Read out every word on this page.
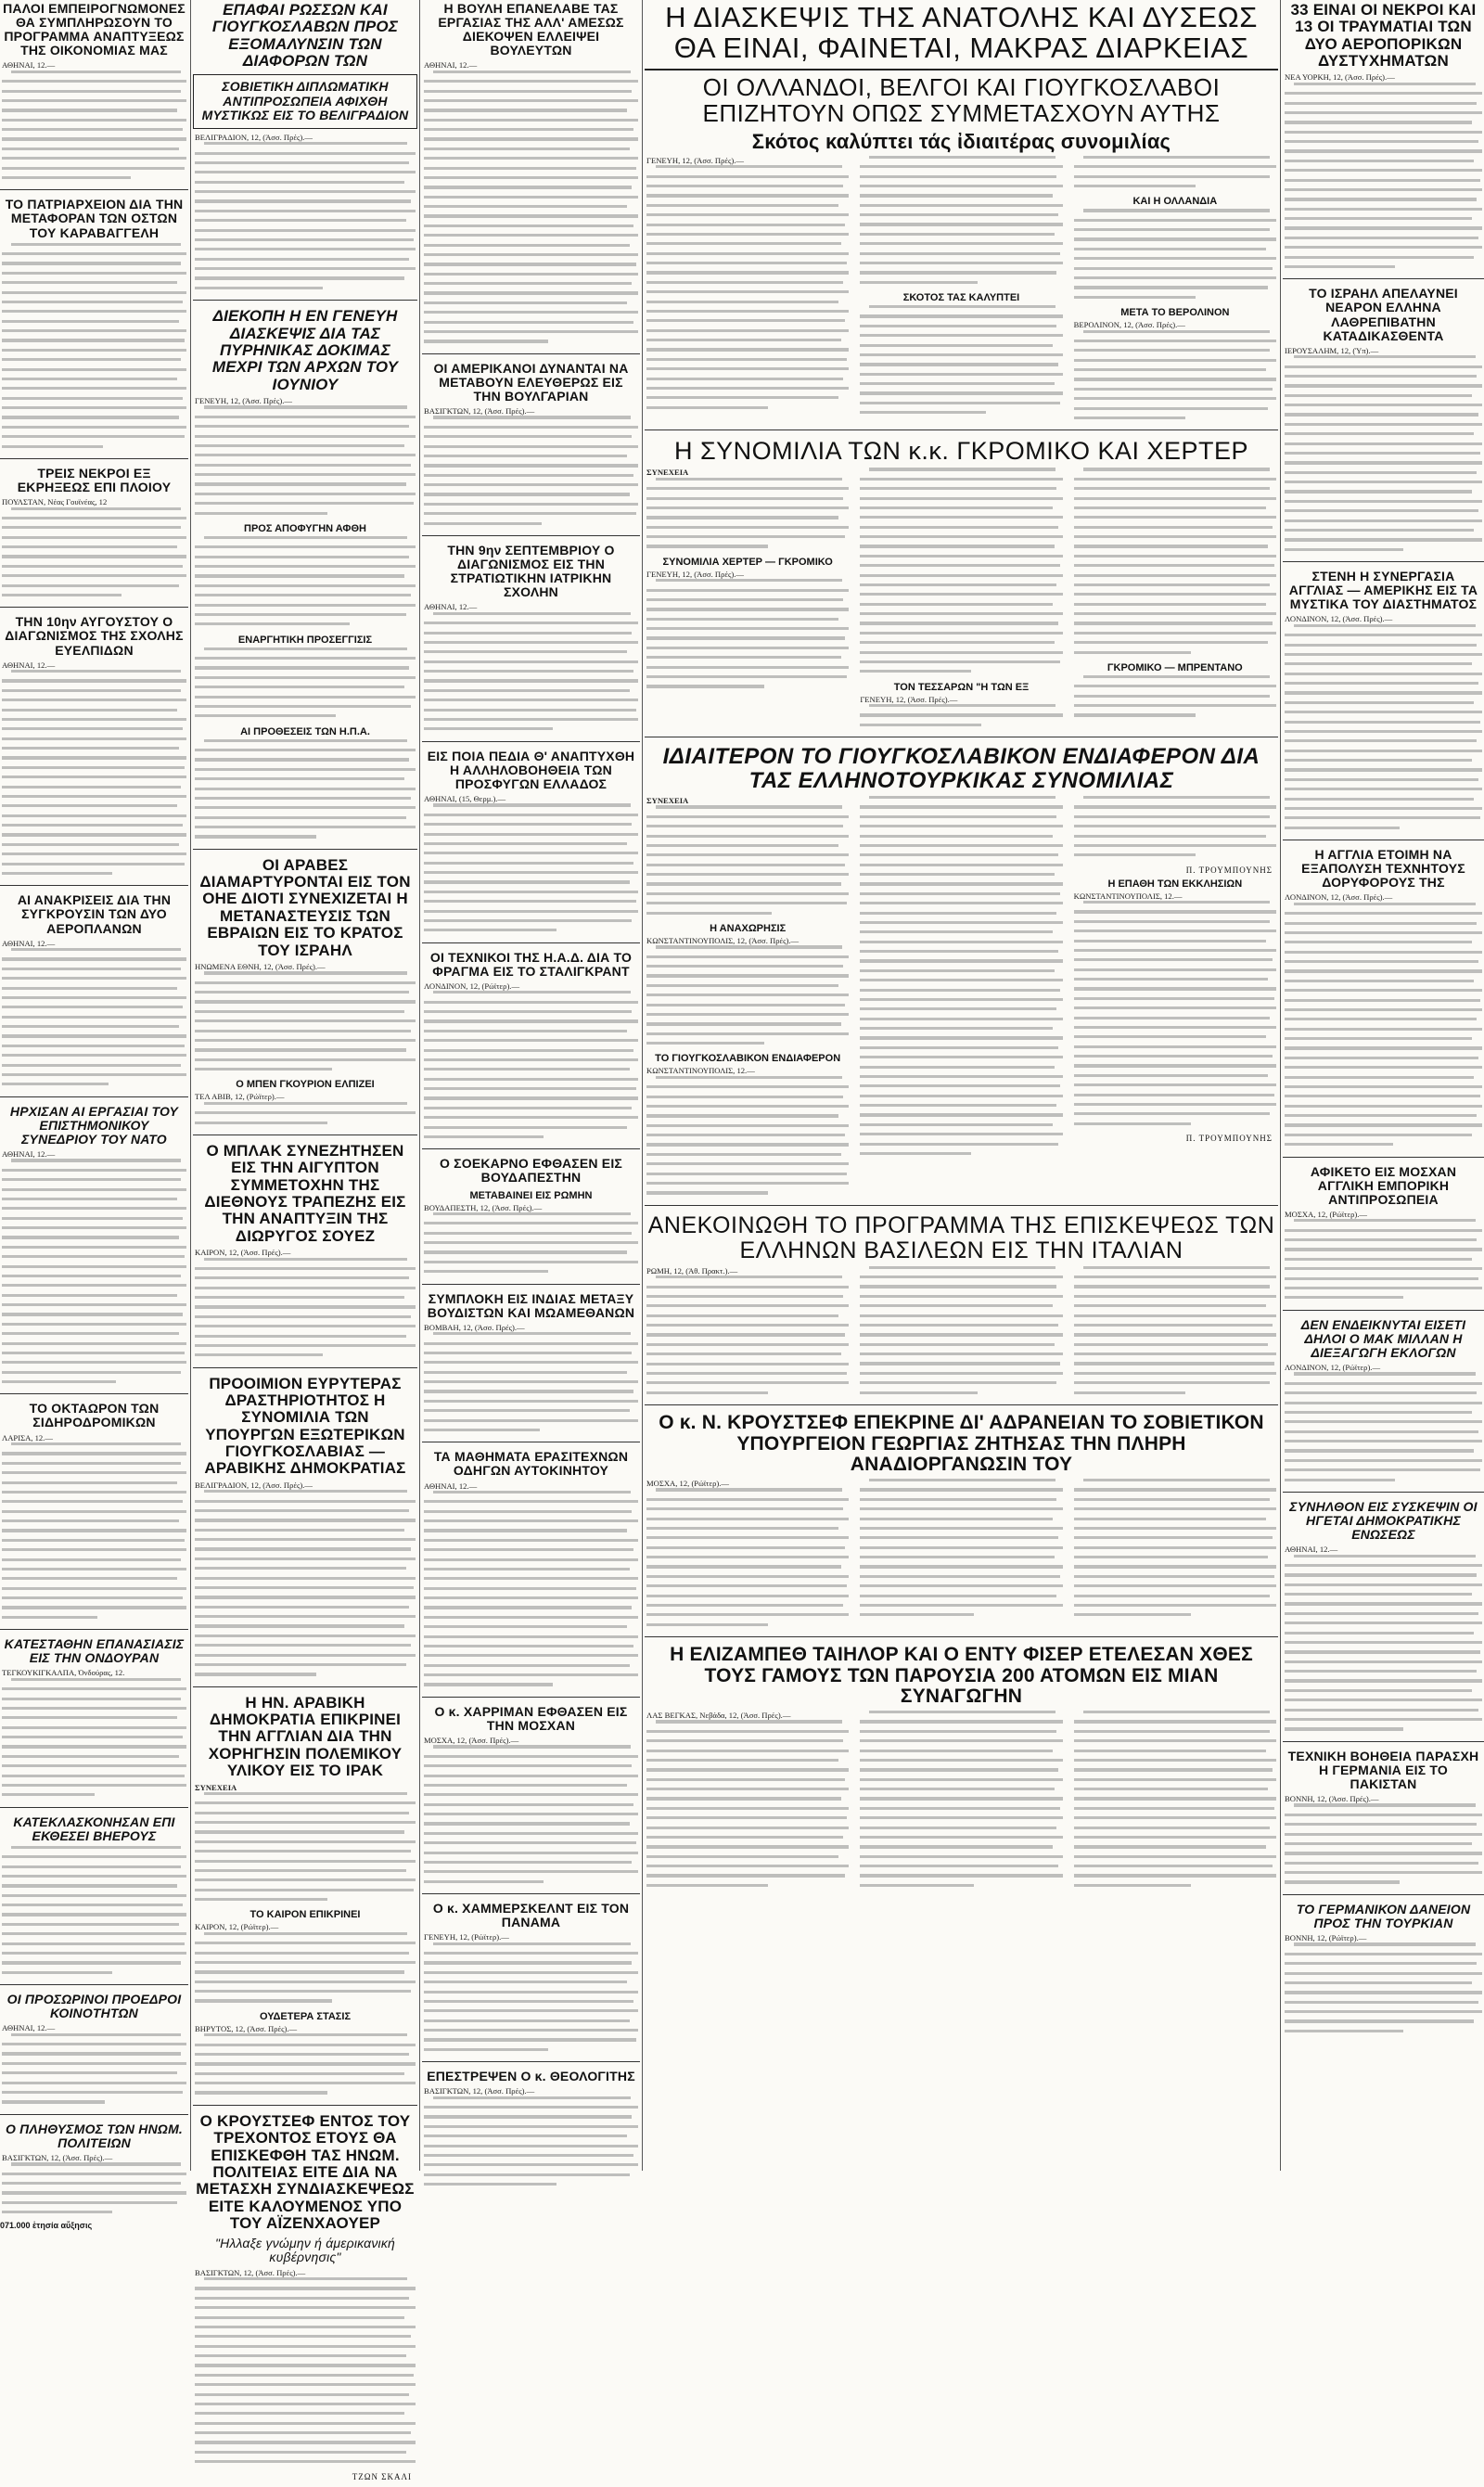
ΠΑΛΟΙ ΕΜΠΕΙΡΟΓΝΩΜΟΝΕΣ ΘΑ ΣΥΜΠΛΗΡΩΣΟΥΝ ΤΟ ΠΡΟΓΡΑΜΜΑ ΑΝΑΠΤΥΞΕΩΣ ΤΗΣ ΟΙΚΟΝΟΜΙΑΣ ΜΑΣ
ΑΘΗΝΑΙ, 12.—
ΤΟ ΠΑΤΡΙΑΡΧΕΙΟΝ ΔΙΑ ΤΗΝ ΜΕΤΑΦΟΡΑΝ ΤΩΝ ΟΣΤΩΝ ΤΟΥ ΚΑΡΑΒΑΓΓΕΛΗ
ΤΡΕΙΣ ΝΕΚΡΟΙ ΕΞ ΕΚΡΗΞΕΩΣ ΕΠΙ ΠΛΟΙΟΥ
ΠΟΥΛΣΤΑΝ, Νέας Γουϊνέας, 12
ΤΗΝ 10ην ΑΥΓΟΥΣΤΟΥ Ο ΔΙΑΓΩΝΙΣΜΟΣ ΤΗΣ ΣΧΟΛΗΣ ΕΥΕΛΠΙΔΩΝ
ΑΘΗΝΑΙ, 12.—
ΑΙ ΑΝΑΚΡΙΣΕΙΣ ΔΙΑ ΤΗΝ ΣΥΓΚΡΟΥΣΙΝ ΤΩΝ ΔΥΟ ΑΕΡΟΠΛΑΝΩΝ
ΑΘΗΝΑΙ, 12.—
ΗΡΧΙΣΑΝ ΑΙ ΕΡΓΑΣΙΑΙ ΤΟΥ ΕΠΙΣΤΗΜΟΝΙΚΟΥ ΣΥΝΕΔΡΙΟΥ ΤΟΥ ΝΑΤΟ
ΑΘΗΝΑΙ, 12.—
ΤΟ ΟΚΤΑΩΡΟΝ ΤΩΝ ΣΙΔΗΡΟΔΡΟΜΙΚΩΝ
ΛΑΡΙΣΑ, 12.—
ΚΑΤΕΣΤΑΘΗΝ ΕΠΑΝΑΣΙΑΣΙΣ ΕΙΣ ΤΗΝ ΟΝΔΟΥΡΑΝ
ΤΕΓΚΟΥΚΙΓΚΑΛΠΑ, Όνδούρας, 12.
ΚΑΤΕΚΛΑΣΚΟΝΗΣΑΝ ΕΠΙ ΕΚΘΕΣΕΙ ΒΗΕΡΟΥΣ
ΟΙ ΠΡΟΣΩΡΙΝΟΙ ΠΡΟΕΔΡΟΙ ΚΟΙΝΟΤΗΤΩΝ
ΑΘΗΝΑΙ, 12.—
Ο ΠΛΗΘΥΣΜΟΣ ΤΩΝ ΗΝΩΜ. ΠΟΛΙΤΕΙΩΝ
ΒΑΣΙΓΚΤΩΝ, 12, (Άσσ. Πρές).—
071.000 ἑτησία αὔξησις
ΕΠΑΦΑΙ ΡΩΣΣΩΝ ΚΑΙ ΓΙΟΥΓΚΟΣΛΑΒΩΝ ΠΡΟΣ ΕΞΟΜΑΛΥΝΣΙΝ ΤΩΝ ΔΙΑΦΟΡΩΝ ΤΩΝ
ΣΟΒΙΕΤΙΚΗ ΔΙΠΛΩΜΑΤΙΚΗ ΑΝΤΙΠΡΟΣΩΠΕΙΑ ΑΦΙΧΘΗ ΜΥΣΤΙΚΩΣ ΕΙΣ ΤΟ ΒΕΛΙΓΡΑΔΙΟΝ
ΒΕΛΙΓΡΑΔΙΟΝ, 12, (Άσσ. Πρές).—
ΔΙΕΚΟΠΗ Η ΕΝ ΓΕΝΕΥΗ ΔΙΑΣΚΕΨΙΣ ΔΙΑ ΤΑΣ ΠΥΡΗΝΙΚΑΣ ΔΟΚΙΜΑΣ ΜΕΧΡΙ ΤΩΝ ΑΡΧΩΝ ΤΟΥ ΙΟΥΝΙΟΥ
ΓΕΝΕΥΗ, 12, (Άσσ. Πρές).—
ΠΡΟΣ ΑΠΟΦΥΓΗΝ ΑΦΘΗ
ΕΝΑΡΓΗΤΙΚΗ ΠΡΟΣΕΓΓΙΣΙΣ
ΑΙ ΠΡΟΘΕΣΕΙΣ ΤΩΝ Η.Π.Α.
ΟΙ ΑΡΑΒΕΣ ΔΙΑΜΑΡΤΥΡΟΝΤΑΙ ΕΙΣ ΤΟΝ ΟΗΕ ΔΙΟΤΙ ΣΥΝΕΧΙΖΕΤΑΙ Η ΜΕΤΑΝΑΣΤΕΥΣΙΣ ΤΩΝ ΕΒΡΑΙΩΝ ΕΙΣ ΤΟ ΚΡΑΤΟΣ ΤΟΥ ΙΣΡΑΗΛ
ΗΝΩΜΕΝΑ ΕΘΝΗ, 12, (Άσσ. Πρές).—
Ο ΜΠΕΝ ΓΚΟΥΡΙΟΝ ΕΛΠΙΖΕΙ
ΤΕΛ ΑΒΙΒ, 12, (Ρώϊτερ).—
Ο ΜΠΛΑΚ ΣΥΝΕΖΗΤΗΣΕΝ ΕΙΣ ΤΗΝ ΑΙΓΥΠΤΟΝ ΣΥΜΜΕΤΟΧΗΝ ΤΗΣ ΔΙΕΘΝΟΥΣ ΤΡΑΠΕΖΗΣ ΕΙΣ ΤΗΝ ΑΝΑΠΤΥΞΙΝ ΤΗΣ ΔΙΩΡΥΓΟΣ ΣΟΥΕΖ
ΚΑΙΡΟΝ, 12, (Άσσ. Πρές).—
ΠΡΟΟΙΜΙΟΝ ΕΥΡΥΤΕΡΑΣ ΔΡΑΣΤΗΡΙΟΤΗΤΟΣ Η ΣΥΝΟΜΙΛΙΑ ΤΩΝ ΥΠΟΥΡΓΩΝ ΕΞΩΤΕΡΙΚΩΝ ΓΙΟΥΓΚΟΣΛΑΒΙΑΣ — ΑΡΑΒΙΚΗΣ ΔΗΜΟΚΡΑΤΙΑΣ
ΒΕΛΙΓΡΑΔΙΟΝ, 12, (Άσσ. Πρές).—
Η ΗΝ. ΑΡΑΒΙΚΗ ΔΗΜΟΚΡΑΤΙΑ ΕΠΙΚΡΙΝΕΙ ΤΗΝ ΑΓΓΛΙΑΝ ΔΙΑ ΤΗΝ ΧΟΡΗΓΗΣΙΝ ΠΟΛΕΜΙΚΟΥ ΥΛΙΚΟΥ ΕΙΣ ΤΟ ΙΡΑΚ
ΣΥΝΕΧΕΙΑ
ΤΟ ΚΑΙΡΟΝ ΕΠΙΚΡΙΝΕΙ
ΚΑΙΡΟΝ, 12, (Ρώϊτερ).—
ΟΥΔΕΤΕΡΑ ΣΤΑΣΙΣ
ΒΗΡΥΤΟΣ, 12, (Άσσ. Πρές).—
Ο ΚΡΟΥΣΤΣΕΦ ΕΝΤΟΣ ΤΟΥ ΤΡΕΧΟΝΤΟΣ ΕΤΟΥΣ ΘΑ ΕΠΙΣΚΕΦΘΗ ΤΑΣ ΗΝΩΜ. ΠΟΛΙΤΕΙΑΣ ΕΙΤΕ ΔΙΑ ΝΑ ΜΕΤΑΣΧΗ ΣΥΝΔΙΑΣΚΕΨΕΩΣ ΕΙΤΕ ΚΑΛΟΥΜΕΝΟΣ ΥΠΟ ΤΟΥ ΑΪΖΕΝΧΑΟΥΕΡ
"Ηλλαξε γνώμην ή άμερικανική κυβέρνησις"
ΒΑΣΙΓΚΤΩΝ, 12, (Άσσ. Πρές).—
ΤΖΩΝ ΣΚΑΛΙ
Η ΒΟΥΛΗ ΕΠΑΝΕΛΑΒΕ ΤΑΣ ΕΡΓΑΣΙΑΣ ΤΗΣ ΑΛΛ' ΑΜΕΣΩΣ ΔΙΕΚΟΨΕΝ ΕΛΛΕΙΨΕΙ ΒΟΥΛΕΥΤΩΝ
ΑΘΗΝΑΙ, 12.—
ΟΙ ΑΜΕΡΙΚΑΝΟΙ ΔΥΝΑΝΤΑΙ ΝΑ ΜΕΤΑΒΟΥΝ ΕΛΕΥΘΕΡΩΣ ΕΙΣ ΤΗΝ ΒΟΥΛΓΑΡΙΑΝ
ΒΑΣΙΓΚΤΩΝ, 12, (Άσσ. Πρές).—
ΤΗΝ 9ην ΣΕΠΤΕΜΒΡΙΟΥ Ο ΔΙΑΓΩΝΙΣΜΟΣ ΕΙΣ ΤΗΝ ΣΤΡΑΤΙΩΤΙΚΗΝ ΙΑΤΡΙΚΗΝ ΣΧΟΛΗΝ
ΑΘΗΝΑΙ, 12.—
ΕΙΣ ΠΟΙΑ ΠΕΔΙΑ Θ' ΑΝΑΠΤΥΧΘΗ Η ΑΛΛΗΛΟΒΟΗΘΕΙΑ ΤΩΝ ΠΡΟΣΦΥΓΩΝ ΕΛΛΑΔΟΣ
ΑΘΗΝΑΙ, (15, Θερμ.).—
ΟΙ ΤΕΧΝΙΚΟΙ ΤΗΣ Η.Α.Δ. ΔΙΑ ΤΟ ΦΡΑΓΜΑ ΕΙΣ ΤΟ ΣΤΑΛΙΓΚΡΑΝΤ
ΛΟΝΔΙΝΟΝ, 12, (Ρώϊτερ).—
Ο ΣΟΕΚΑΡΝΟ ΕΦΘΑΣΕΝ ΕΙΣ ΒΟΥΔΑΠΕΣΤΗΝ
ΜΕΤΑΒΑΙΝΕΙ ΕΙΣ ΡΩΜΗΝ
ΒΟΥΔΑΠΕΣΤΗ, 12, (Άσσ. Πρές).—
ΣΥΜΠΛΟΚΗ ΕΙΣ ΙΝΔΙΑΣ ΜΕΤΑΞΥ ΒΟΥΔΙΣΤΩΝ ΚΑΙ ΜΩΑΜΕΘΑΝΩΝ
ΒΟΜΒΑΗ, 12, (Άσσ. Πρές).—
ΤΑ ΜΑΘΗΜΑΤΑ ΕΡΑΣΙΤΕΧΝΩΝ ΟΔΗΓΩΝ ΑΥΤΟΚΙΝΗΤΟΥ
ΑΘΗΝΑΙ, 12.—
Ο κ. ΧΑΡΡΙΜΑΝ ΕΦΘΑΣΕΝ ΕΙΣ ΤΗΝ ΜΟΣΧΑΝ
ΜΟΣΧΑ, 12, (Άσσ. Πρές).—
Ο κ. ΧΑΜΜΕΡΣΚΕΛΝΤ ΕΙΣ ΤΟΝ ΠΑΝΑΜΑ
ΓΕΝΕΥΗ, 12, (Ρώϊτερ).—
ΕΠΕΣΤΡΕΨΕΝ Ο κ. ΘΕΟΛΟΓΙΤΗΣ
ΒΑΣΙΓΚΤΩΝ, 12, (Άσσ. Πρές).—
Η ΔΙΑΣΚΕΨΙΣ ΤΗΣ ΑΝΑΤΟΛΗΣ ΚΑΙ ΔΥΣΕΩΣ ΘΑ ΕΙΝΑΙ, ΦΑΙΝΕΤΑΙ, ΜΑΚΡΑΣ ΔΙΑΡΚΕΙΑΣ
ΟΙ ΟΛΛΑΝΔΟΙ, ΒΕΛΓΟΙ ΚΑΙ ΓΙΟΥΓΚΟΣΛΑΒΟΙ ΕΠΙΖΗΤΟΥΝ ΟΠΩΣ ΣΥΜΜΕΤΑΣΧΟΥΝ ΑΥΤΗΣ
Σκότος καλύπτει τάς ἰδιαιτέρας συνομιλίας
ΓΕΝΕΥΗ, 12, (Άσσ. Πρές).—
ΣΚΟΤΟΣ ΤΑΣ ΚΑΛΥΠΤΕΙ
ΚΑΙ Η ΟΛΛΑΝΔΙΑ
ΜΕΤΑ ΤΟ ΒΕΡΟΛΙΝΟΝ
ΒΕΡΟΛΙΝΟΝ, 12, (Άσσ. Πρές).—
Η ΣΥΝΟΜΙΛΙΑ ΤΩΝ κ.κ. ΓΚΡΟΜΙΚΟ ΚΑΙ ΧΕΡΤΕΡ
ΣΥΝΕΧΕΙΑ
ΣΥΝΟΜΙΛΙΑ ΧΕΡΤΕΡ — ΓΚΡΟΜΙΚΟ
ΓΕΝΕΥΗ, 12, (Άσσ. Πρές).—
ΤΟΝ ΤΕΣΣΑΡΩΝ "Η ΤΩΝ ΕΞ
ΓΕΝΕΥΗ, 12, (Άσσ. Πρές).—
ΓΚΡΟΜΙΚΟ — ΜΠΡΕΝΤΑΝΟ
ΙΔΙΑΙΤΕΡΟΝ ΤΟ ΓΙΟΥΓΚΟΣΛΑΒΙΚΟΝ ΕΝΔΙΑΦΕΡΟΝ ΔΙΑ ΤΑΣ ΕΛΛΗΝΟΤΟΥΡΚΙΚΑΣ ΣΥΝΟΜΙΛΙΑΣ
ΣΥΝΕΧΕΙΑ
Η ΑΝΑΧΩΡΗΣΙΣ
ΚΩΝΣΤΑΝΤΙΝΟΥΠΟΛΙΣ, 12, (Άσσ. Πρές).—
ΤΟ ΓΙΟΥΓΚΟΣΛΑΒΙΚΟΝ ΕΝΔΙΑΦΕΡΟΝ
ΚΩΝΣΤΑΝΤΙΝΟΥΠΟΛΙΣ, 12.—
Π. ΤΡΟΥΜΠΟΥΝΗΣ
Η ΕΠΑΘΗ ΤΩΝ ΕΚΚΛΗΣΙΩΝ
ΚΩΝΣΤΑΝΤΙΝΟΥΠΟΛΙΣ, 12.—
Π. ΤΡΟΥΜΠΟΥΝΗΣ
ΑΝΕΚΟΙΝΩΘΗ ΤΟ ΠΡΟΓΡΑΜΜΑ ΤΗΣ ΕΠΙΣΚΕΨΕΩΣ ΤΩΝ ΕΛΛΗΝΩΝ ΒΑΣΙΛΕΩΝ ΕΙΣ ΤΗΝ ΙΤΑΛΙΑΝ
ΡΩΜΗ, 12, (Άθ. Πρακτ.).—
Ο κ. Ν. ΚΡΟΥΣΤΣΕΦ ΕΠΕΚΡΙΝΕ ΔΙ' ΑΔΡΑΝΕΙΑΝ ΤΟ ΣΟΒΙΕΤΙΚΟΝ ΥΠΟΥΡΓΕΙΟΝ ΓΕΩΡΓΙΑΣ ΖΗΤΗΣΑΣ ΤΗΝ ΠΛΗΡΗ ΑΝΑΔΙΟΡΓΑΝΩΣΙΝ ΤΟΥ
ΜΟΣΧΑ, 12, (Ρώϊτερ).—
Η ΕΛΙΖΑΜΠΕΘ ΤΑΙΗΛΟΡ ΚΑΙ Ο ΕΝΤΥ ΦΙΣΕΡ ΕΤΕΛΕΣΑΝ ΧΘΕΣ ΤΟΥΣ ΓΑΜΟΥΣ ΤΩΝ ΠΑΡΟΥΣΙΑ 200 ΑΤΟΜΩΝ ΕΙΣ ΜΙΑΝ ΣΥΝΑΓΩΓΗΝ
ΛΑΣ ΒΕΓΚΑΣ, Νεβάδα, 12, (Άσσ. Πρές).—
33 ΕΙΝΑΙ ΟΙ ΝΕΚΡΟΙ ΚΑΙ 13 ΟΙ ΤΡΑΥΜΑΤΙΑΙ ΤΩΝ ΔΥΟ ΑΕΡΟΠΟΡΙΚΩΝ ΔΥΣΤΥΧΗΜΑΤΩΝ
ΝΕΑ ΥΟΡΚΗ, 12, (Άσσ. Πρές).—
ΤΟ ΙΣΡΑΗΛ ΑΠΕΛΑΥΝΕΙ ΝΕΑΡΟΝ ΕΛΛΗΝΑ ΛΑΘΡΕΠΙΒΑΤΗΝ ΚΑΤΑΔΙΚΑΣΘΕΝΤΑ
ΙΕΡΟΥΣΑΛΗΜ, 12, (Ύπ).—
ΣΤΕΝΗ Η ΣΥΝΕΡΓΑΣΙΑ ΑΓΓΛΙΑΣ — ΑΜΕΡΙΚΗΣ ΕΙΣ ΤΑ ΜΥΣΤΙΚΑ ΤΟΥ ΔΙΑΣΤΗΜΑΤΟΣ
ΛΟΝΔΙΝΟΝ, 12, (Άσσ. Πρές).—
Η ΑΓΓΛΙΑ ΕΤΟΙΜΗ ΝΑ ΕΞΑΠΟΛΥΣΗ ΤΕΧΝΗΤΟΥΣ ΔΟΡΥΦΟΡΟΥΣ ΤΗΣ
ΛΟΝΔΙΝΟΝ, 12, (Άσσ. Πρές).—
ΑΦΙΚΕΤΟ ΕΙΣ ΜΟΣΧΑΝ ΑΓΓΛΙΚΗ ΕΜΠΟΡΙΚΗ ΑΝΤΙΠΡΟΣΩΠΕΙΑ
ΜΟΣΧΑ, 12, (Ρώϊτερ).—
ΔΕΝ ΕΝΔΕΙΚΝΥΤΑΙ ΕΙΣΕΤΙ ΔΗΛΟΙ Ο ΜΑΚ ΜΙΛΛΑΝ Η ΔΙΕΞΑΓΩΓΗ ΕΚΛΟΓΩΝ
ΛΟΝΔΙΝΟΝ, 12, (Ρώϊτερ).—
ΣΥΝΗΛΘΟΝ ΕΙΣ ΣΥΣΚΕΨΙΝ ΟΙ ΗΓΕΤΑΙ ΔΗΜΟΚΡΑΤΙΚΗΣ ΕΝΩΣΕΩΣ
ΑΘΗΝΑΙ, 12.—
ΤΕΧΝΙΚΗ ΒΟΗΘΕΙΑ ΠΑΡΑΣΧΗ Η ΓΕΡΜΑΝΙΑ ΕΙΣ ΤΟ ΠΑΚΙΣΤΑΝ
ΒΟΝΝΗ, 12, (Άσσ. Πρές).—
ΤΟ ΓΕΡΜΑΝΙΚΟΝ ΔΑΝΕΙΟΝ ΠΡΟΣ ΤΗΝ ΤΟΥΡΚΙΑΝ
ΒΟΝΝΗ, 12, (Ρώϊτερ).—
